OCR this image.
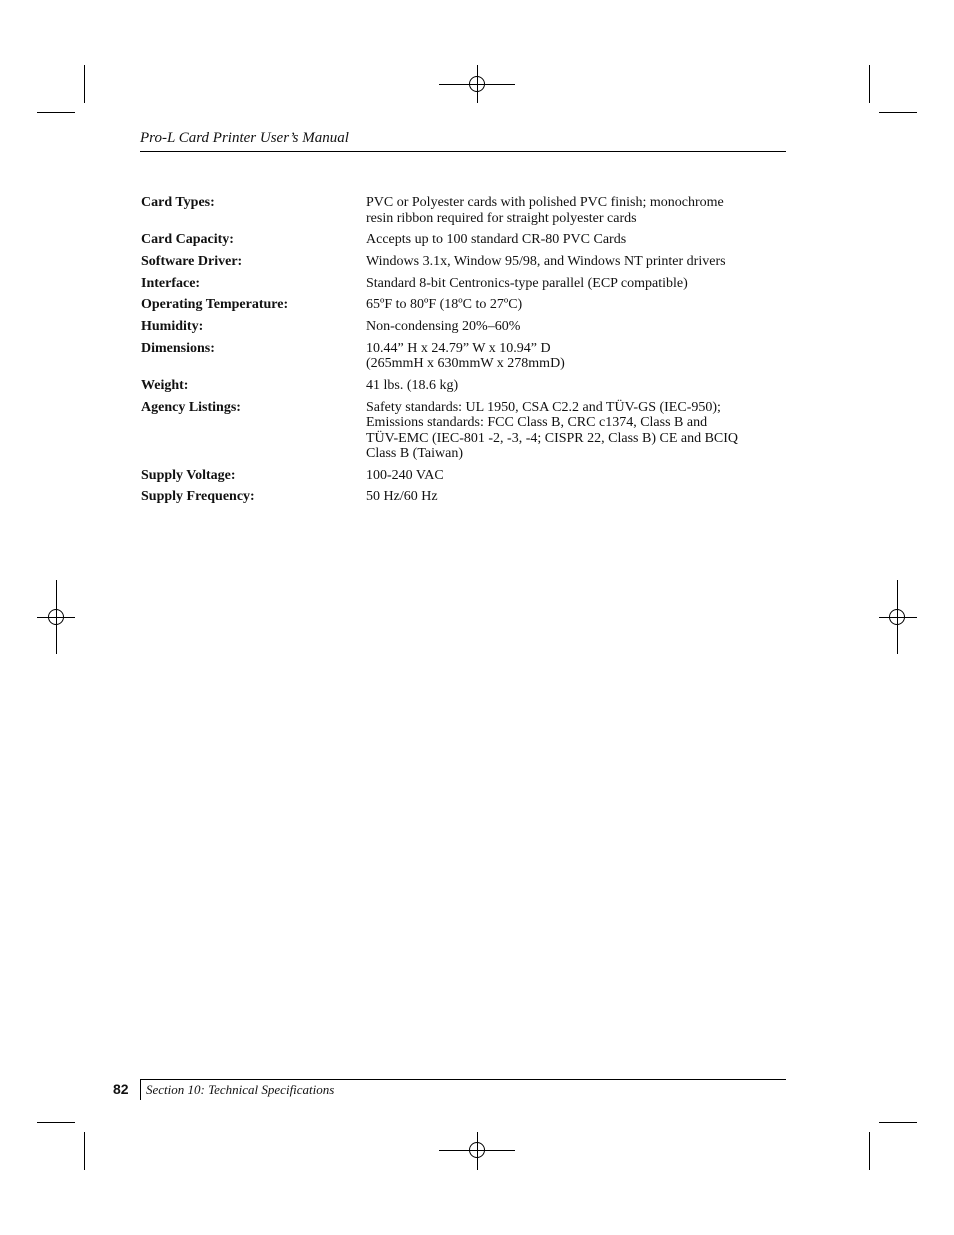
Pro-L Card Printer User’s Manual
Card Types:	PVC or Polyester cards with polished PVC finish; monochrome
resin ribbon required for straight polyester cards
Card Capacity:	Accepts up to 100 standard CR-80 PVC Cards
Software Driver:	Windows 3.1x, Window 95/98, and Windows NT printer drivers
Interface:	Standard 8-bit Centronics-type parallel (ECP compatible)
Operating Temperature:	65ºF to 80ºF (18ºC to 27ºC)
Humidity:	Non-condensing 20%–60%
Dimensions:	10.44” H x 24.79” W x 10.94” D
(265mmH x 630mmW x 278mmD)
Weight:	41 lbs. (18.6 kg)
Agency Listings:	Safety standards: UL 1950, CSA C2.2 and TÜV-GS (IEC-950);
Emissions standards: FCC Class B, CRC c1374, Class B and
TÜV-EMC (IEC-801 -2, -3, -4; CISPR 22, Class B) CE and BCIQ
Class B (Taiwan)
Supply Voltage:	100-240 VAC
Supply Frequency:	50 Hz/60 Hz
82 Section 10: Technical Specifications
